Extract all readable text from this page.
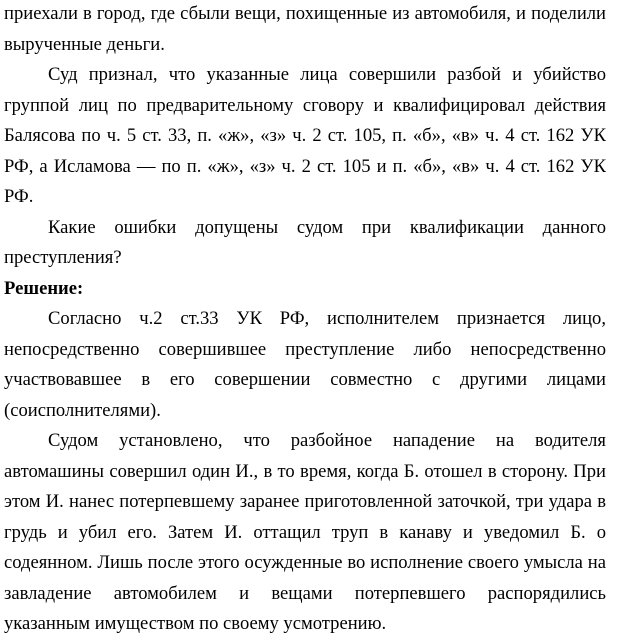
приехали в город, где сбыли вещи, похищенные из автомобиля, и поделили вырученные деньги.

Суд признал, что указанные лица совершили разбой и убийство группой лиц по предварительному сговору и квалифицировал действия Балясова по ч. 5 ст. 33, п. «ж», «з» ч. 2 ст. 105, п. «б», «в» ч. 4 ст. 162 УК РФ, а Исламова — по п. «ж», «з» ч. 2 ст. 105 и п. «б», «в» ч. 4 ст. 162 УК РФ.

Какие ошибки допущены судом при квалификации данного преступления?

Решение:

Согласно ч.2 ст.33 УК РФ, исполнителем признается лицо, непосредственно совершившее преступление либо непосредственно участвовавшее в его совершении совместно с другими лицами (соисполнителями).

Судом установлено, что разбойное нападение на водителя автомашины совершил один И., в то время, когда Б. отошел в сторону. При этом И. нанес потерпевшему заранее приготовленной заточкой, три удара в грудь и убил его. Затем И. оттащил труп в канаву и уведомил Б. о содеянном. Лишь после этого осужденные во исполнение своего умысла на завладение автомобилем и вещами потерпевшего распорядились указанным имуществом по своему усмотрению.
